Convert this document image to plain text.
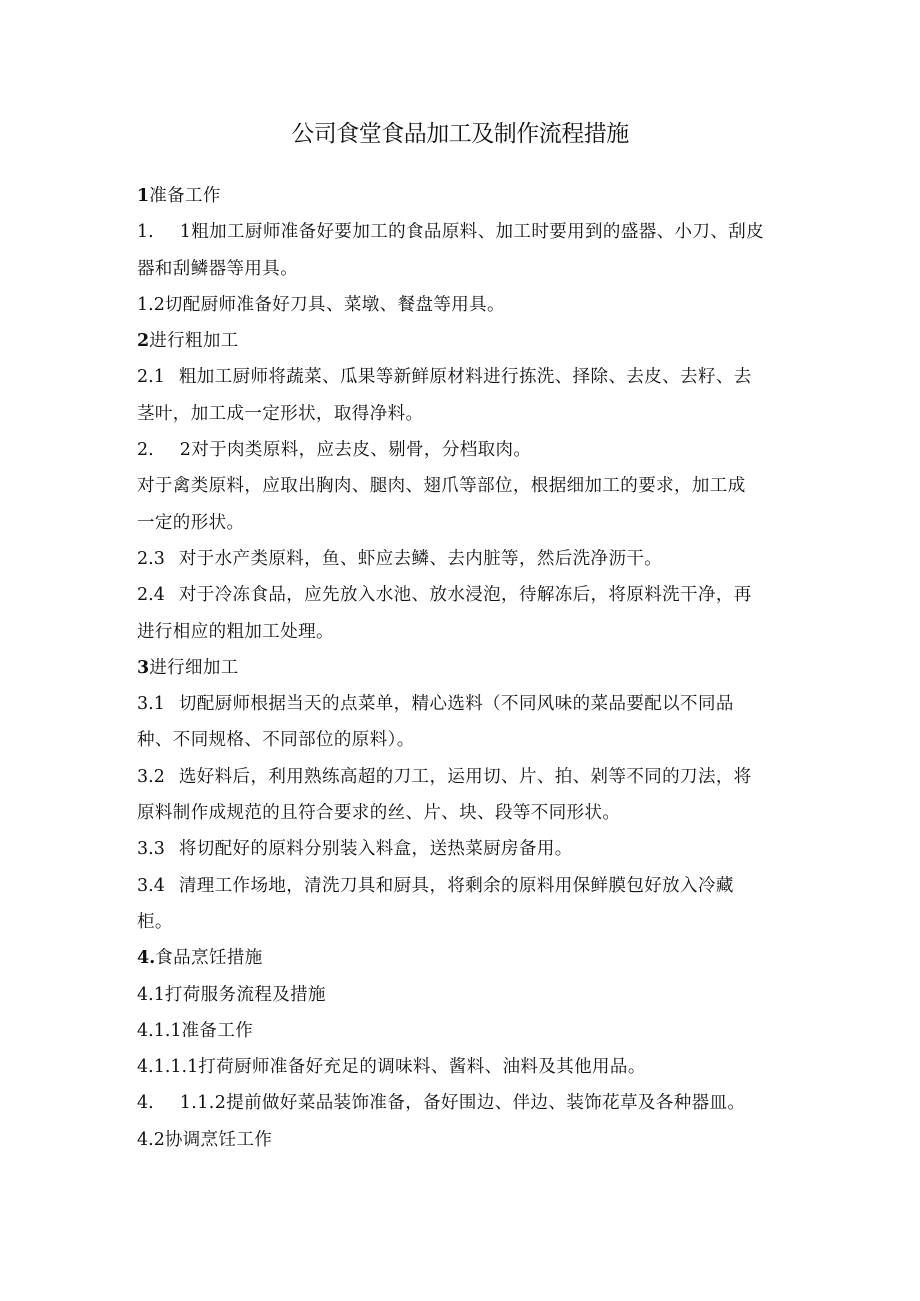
公司食堂食品加工及制作流程措施
1准备工作
1. 1粗加工厨师准备好要加工的食品原料、加工时要用到的盛器、小刀、刮皮
器和刮鳞器等用具。
1.2切配厨师准备好刀具、菜墩、餐盘等用具。
2进行粗加工
2.1 粗加工厨师将蔬菜、瓜果等新鲜原材料进行拣洗、择除、去皮、去籽、去
茎叶，加工成一定形状，取得净料。
2. 2对于肉类原料，应去皮、剔骨，分档取肉。
对于禽类原料，应取出胸肉、腿肉、翅爪等部位，根据细加工的要求，加工成
一定的形状。
2.3 对于水产类原料，鱼、虾应去鳞、去内脏等，然后洗净沥干。
2.4 对于冷冻食品，应先放入水池、放水浸泡，待解冻后，将原料洗干净，再
进行相应的粗加工处理。
3进行细加工
3.1 切配厨师根据当天的点菜单，精心选料（不同风味的菜品要配以不同品
种、不同规格、不同部位的原料）。
3.2 选好料后，利用熟练高超的刀工，运用切、片、拍、剁等不同的刀法，将
原料制作成规范的且符合要求的丝、片、块、段等不同形状。
3.3 将切配好的原料分别装入料盒，送热菜厨房备用。
3.4 清理工作场地，清洗刀具和厨具，将剩余的原料用保鲜膜包好放入冷藏
柜。
4.食品烹饪措施
4.1打荷服务流程及措施
4.1.1准备工作
4.1.1.1打荷厨师准备好充足的调味料、酱料、油料及其他用品。
4. 1.1.2提前做好菜品装饰准备，备好围边、伴边、装饰花草及各种器皿。
4.2协调烹饪工作
